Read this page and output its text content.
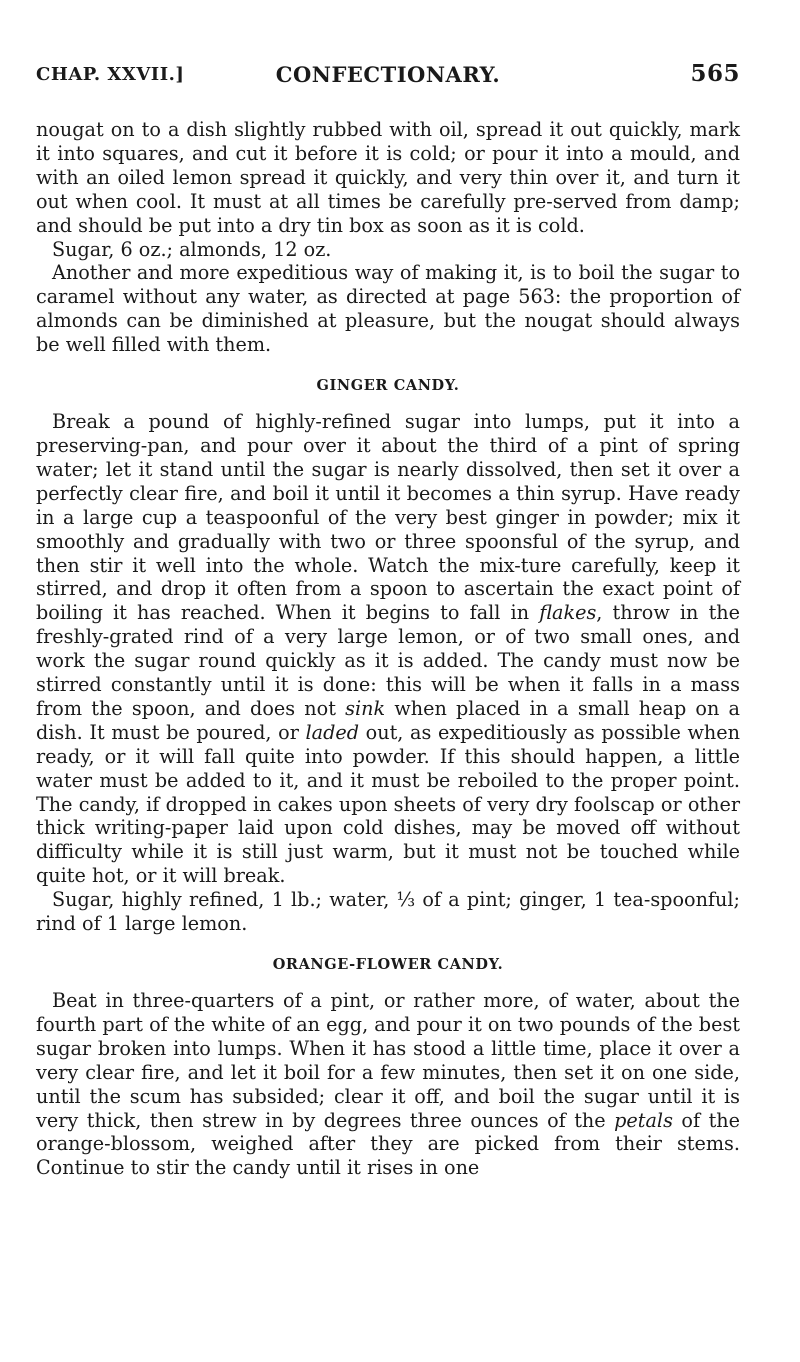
CHAP. XXVII.]	CONFECTIONARY.	565

nougat on to a dish slightly rubbed with oil, spread it out quickly, mark it into squares, and cut it before it is cold; or pour it into a mould, and with an oiled lemon spread it quickly, and very thin over it, and turn it out when cool. It must at all times be carefully pre-served from damp; and should be put into a dry tin box as soon as it is cold.

Sugar, 6 oz.; almonds, 12 oz.

Another and more expeditious way of making it, is to boil the sugar to caramel without any water, as directed at page 563: the proportion of almonds can be diminished at pleasure, but the nougat should always be well filled with them.

GINGER CANDY.

Break a pound of highly-refined sugar into lumps, put it into a preserving-pan, and pour over it about the third of a pint of spring water; let it stand until the sugar is nearly dissolved, then set it over a perfectly clear fire, and boil it until it becomes a thin syrup. Have ready in a large cup a teaspoonful of the very best ginger in powder; mix it smoothly and gradually with two or three spoonsful of the syrup, and then stir it well into the whole. Watch the mix-ture carefully, keep it stirred, and drop it often from a spoon to ascertain the exact point of boiling it has reached. When it begins to fall in flakes, throw in the freshly-grated rind of a very large lemon, or of two small ones, and work the sugar round quickly as it is added. The candy must now be stirred constantly until it is done: this will be when it falls in a mass from the spoon, and does not sink when placed in a small heap on a dish. It must be poured, or laded out, as expeditiously as possible when ready, or it will fall quite into powder. If this should happen, a little water must be added to it, and it must be reboiled to the proper point. The candy, if dropped in cakes upon sheets of very dry foolscap or other thick writing-paper laid upon cold dishes, may be moved off without difficulty while it is still just warm, but it must not be touched while quite hot, or it will break.

Sugar, highly refined, 1 lb.; water, ⅓ of a pint; ginger, 1 tea-spoonful; rind of 1 large lemon.

ORANGE-FLOWER CANDY.

Beat in three-quarters of a pint, or rather more, of water, about the fourth part of the white of an egg, and pour it on two pounds of the best sugar broken into lumps. When it has stood a little time, place it over a very clear fire, and let it boil for a few minutes, then set it on one side, until the scum has subsided; clear it off, and boil the sugar until it is very thick, then strew in by degrees three ounces of the petals of the orange-blossom, weighed after they are picked from their stems. Continue to stir the candy until it rises in one
